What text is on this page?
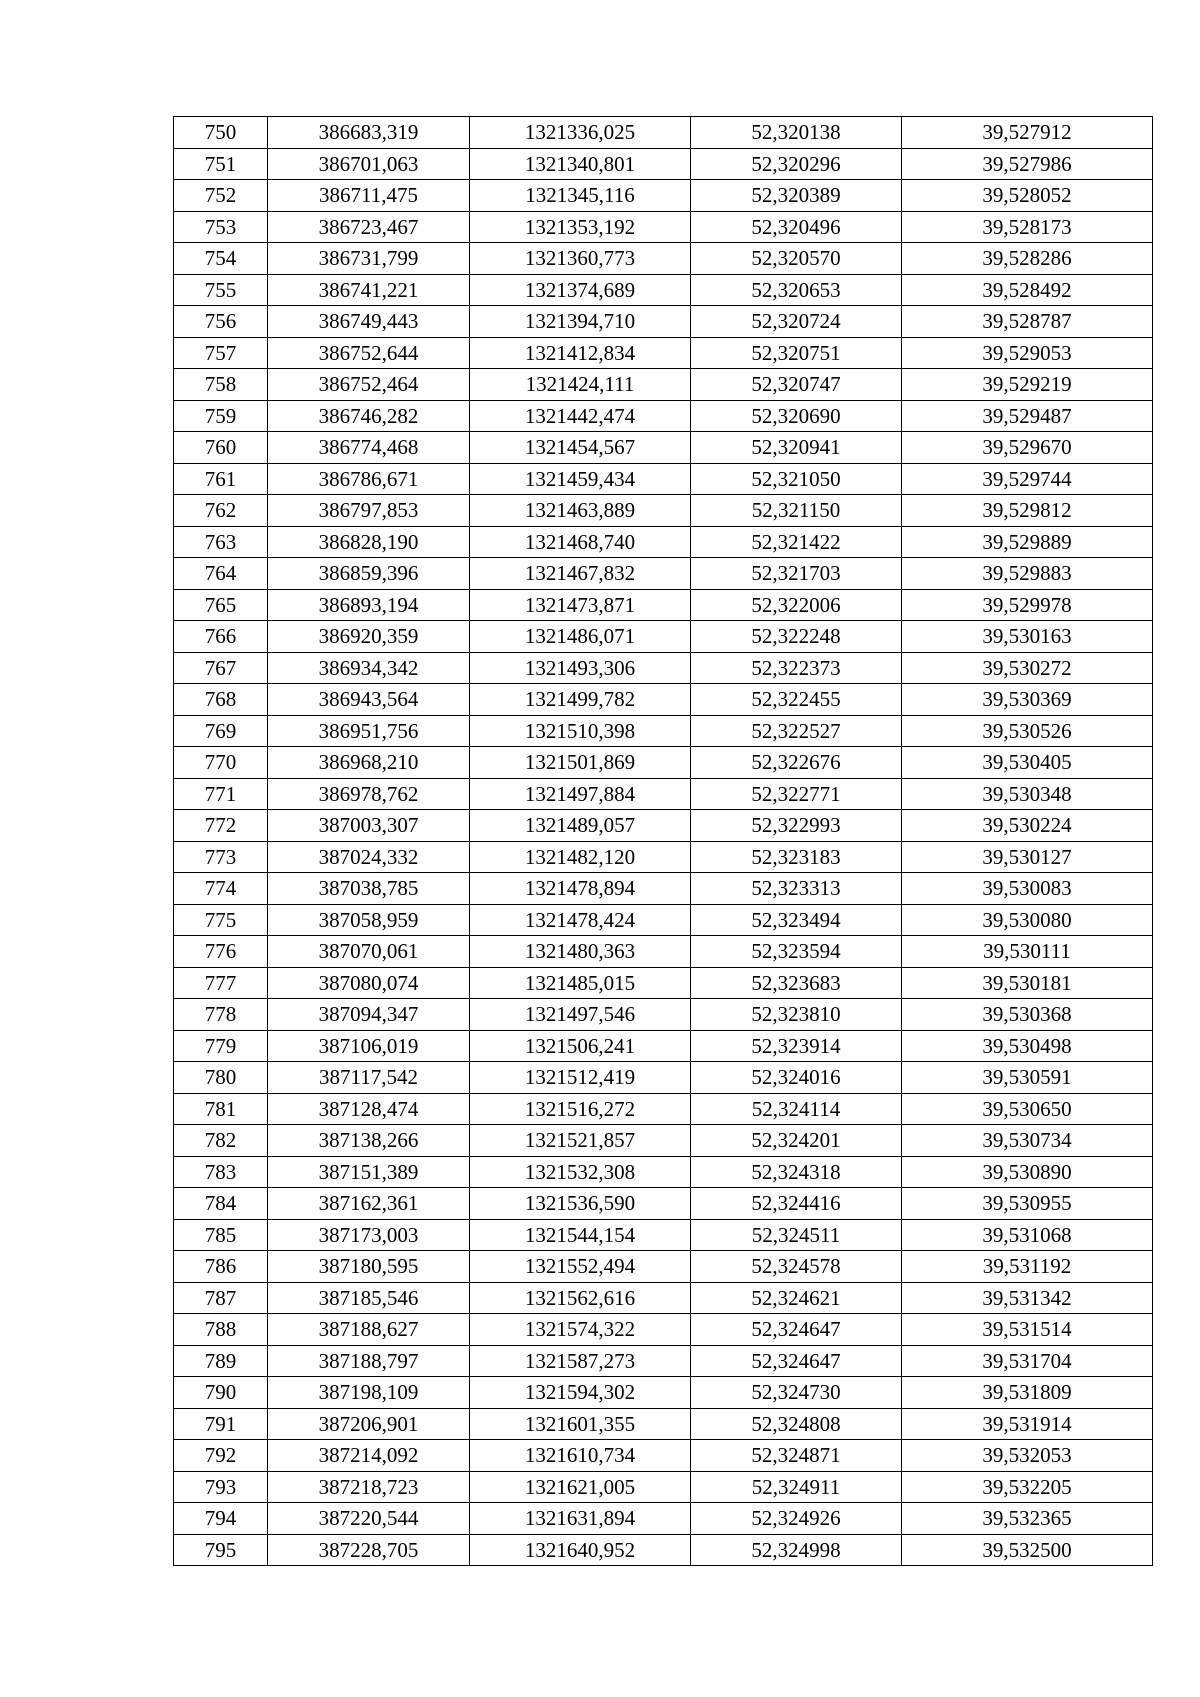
750	386683,319	1321336,025	52,320138	39,527912
751	386701,063	1321340,801	52,320296	39,527986
752	386711,475	1321345,116	52,320389	39,528052
753	386723,467	1321353,192	52,320496	39,528173
754	386731,799	1321360,773	52,320570	39,528286
755	386741,221	1321374,689	52,320653	39,528492
756	386749,443	1321394,710	52,320724	39,528787
757	386752,644	1321412,834	52,320751	39,529053
758	386752,464	1321424,111	52,320747	39,529219
759	386746,282	1321442,474	52,320690	39,529487
760	386774,468	1321454,567	52,320941	39,529670
761	386786,671	1321459,434	52,321050	39,529744
762	386797,853	1321463,889	52,321150	39,529812
763	386828,190	1321468,740	52,321422	39,529889
764	386859,396	1321467,832	52,321703	39,529883
765	386893,194	1321473,871	52,322006	39,529978
766	386920,359	1321486,071	52,322248	39,530163
767	386934,342	1321493,306	52,322373	39,530272
768	386943,564	1321499,782	52,322455	39,530369
769	386951,756	1321510,398	52,322527	39,530526
770	386968,210	1321501,869	52,322676	39,530405
771	386978,762	1321497,884	52,322771	39,530348
772	387003,307	1321489,057	52,322993	39,530224
773	387024,332	1321482,120	52,323183	39,530127
774	387038,785	1321478,894	52,323313	39,530083
775	387058,959	1321478,424	52,323494	39,530080
776	387070,061	1321480,363	52,323594	39,530111
777	387080,074	1321485,015	52,323683	39,530181
778	387094,347	1321497,546	52,323810	39,530368
779	387106,019	1321506,241	52,323914	39,530498
780	387117,542	1321512,419	52,324016	39,530591
781	387128,474	1321516,272	52,324114	39,530650
782	387138,266	1321521,857	52,324201	39,530734
783	387151,389	1321532,308	52,324318	39,530890
784	387162,361	1321536,590	52,324416	39,530955
785	387173,003	1321544,154	52,324511	39,531068
786	387180,595	1321552,494	52,324578	39,531192
787	387185,546	1321562,616	52,324621	39,531342
788	387188,627	1321574,322	52,324647	39,531514
789	387188,797	1321587,273	52,324647	39,531704
790	387198,109	1321594,302	52,324730	39,531809
791	387206,901	1321601,355	52,324808	39,531914
792	387214,092	1321610,734	52,324871	39,532053
793	387218,723	1321621,005	52,324911	39,532205
794	387220,544	1321631,894	52,324926	39,532365
795	387228,705	1321640,952	52,324998	39,532500
